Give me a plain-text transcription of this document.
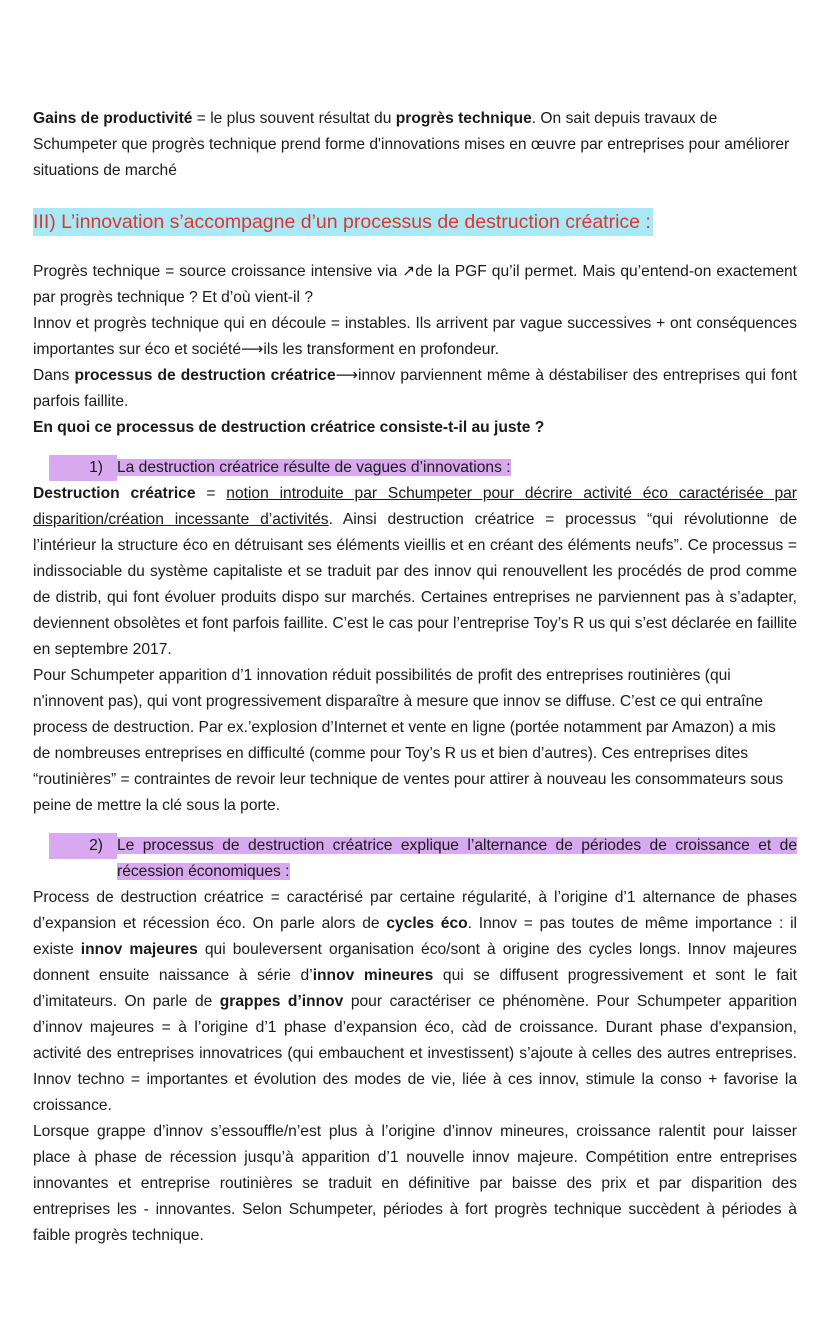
Gains de productivité = le plus souvent résultat du progrès technique. On sait depuis travaux de Schumpeter que progrès technique prend forme d'innovations mises en œuvre par entreprises pour améliorer situations de marché

III) L’innovation s’accompagne d’un processus de destruction créatrice :

Progrès technique = source croissance intensive via ↗de la PGF qu’il permet. Mais qu’entend-on exactement par progrès technique ? Et d’où vient-il ?

Innov et progrès technique qui en découle = instables. Ils arrivent par vague successives + ont conséquences importantes sur éco et société⟶ils les transforment en profondeur.

Dans processus de destruction créatrice⟶innov parviennent même à déstabiliser des entreprises qui font parfois faillite.

En quoi ce processus de destruction créatrice consiste-t-il au juste ?

1) La destruction créatrice résulte de vagues d’innovations :

Destruction créatrice = notion introduite par Schumpeter pour décrire activité éco caractérisée par disparition/création incessante d’activités. Ainsi destruction créatrice = processus “qui révolutionne de l’intérieur la structure éco en détruisant ses éléments vieillis et en créant des éléments neufs”. Ce processus = indissociable du système capitaliste et se traduit par des innov qui renouvellent les procédés de prod comme de distrib, qui font évoluer produits dispo sur marchés. Certaines entreprises ne parviennent pas à s’adapter, deviennent obsolètes et font parfois faillite. C’est le cas pour l’entreprise Toy’s R us qui s’est déclarée en faillite en septembre 2017.

Pour Schumpeter apparition d’1 innovation réduit possibilités de profit des entreprises routinières (qui n'innovent pas), qui vont progressivement disparaître à mesure que innov se diffuse. C’est ce qui entraîne process de destruction. Par ex.’explosion d’Internet et vente en ligne (portée notamment par Amazon) a mis de nombreuses entreprises en difficulté (comme pour Toy’s R us et bien d’autres). Ces entreprises dites “routinières” = contraintes de revoir leur technique de ventes pour attirer à nouveau les consommateurs sous peine de mettre la clé sous la porte.

2) Le processus de destruction créatrice explique l’alternance de périodes de croissance et de récession économiques :

Process de destruction créatrice = caractérisé par certaine régularité, à l’origine d’1 alternance de phases d’expansion et récession éco. On parle alors de cycles éco. Innov = pas toutes de même importance : il existe innov majeures qui bouleversent organisation éco/sont à origine des cycles longs. Innov majeures donnent ensuite naissance à série d’innov mineures qui se diffusent progressivement et sont le fait d’imitateurs. On parle de grappes d’innov pour caractériser ce phénomène. Pour Schumpeter apparition d’innov majeures = à l’origine d’1 phase d’expansion éco, càd de croissance. Durant phase d'expansion, activité des entreprises innovatrices (qui embauchent et investissent) s’ajoute à celles des autres entreprises. Innov techno = importantes et évolution des modes de vie, liée à ces innov, stimule la conso + favorise la croissance.

Lorsque grappe d’innov s’essouffle/n’est plus à l’origine d’innov mineures, croissance ralentit pour laisser place à phase de récession jusqu’à apparition d’1 nouvelle innov majeure. Compétition entre entreprises innovantes et entreprise routinières se traduit en définitive par baisse des prix et par disparition des entreprises les - innovantes. Selon Schumpeter, périodes à fort progrès technique succèdent à périodes à faible progrès technique.
